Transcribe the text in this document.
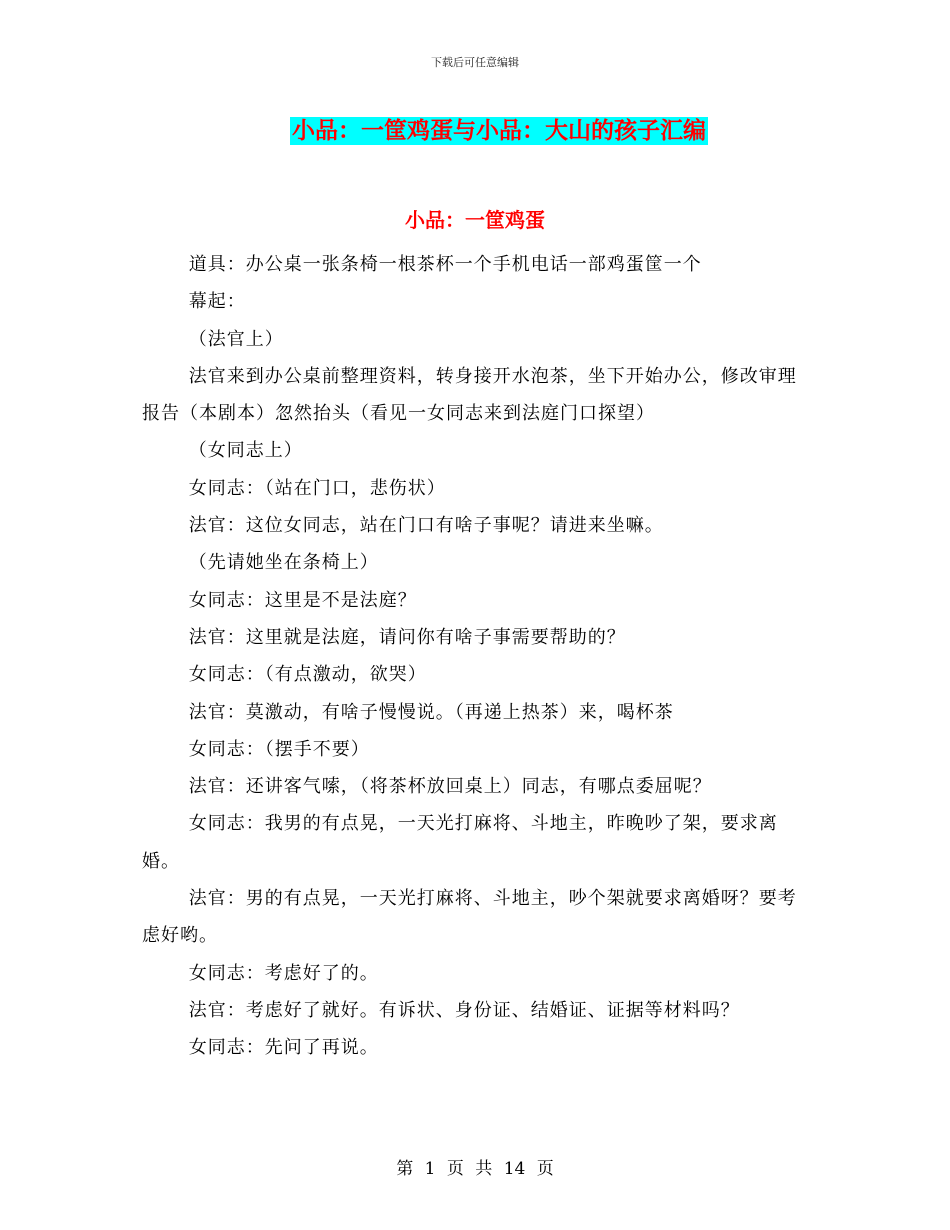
下载后可任意编辑
小品：一筐鸡蛋与小品：大山的孩子汇编
小品：一筐鸡蛋

道具：办公桌一张条椅一根茶杯一个手机电话一部鸡蛋筐一个

幕起：

（法官上）

法官来到办公桌前整理资料，转身接开水泡茶，坐下开始办公，修改审理报告（本剧本）忽然抬头（看见一女同志来到法庭门口探望）

（女同志上）

女同志：（站在门口，悲伤状）

法官：这位女同志，站在门口有啥子事呢？请进来坐嘛。

（先请她坐在条椅上）

女同志：这里是不是法庭？

法官：这里就是法庭，请问你有啥子事需要帮助的？

女同志：（有点激动，欲哭）

法官：莫激动，有啥子慢慢说。（再递上热茶）来，喝杯茶

女同志：（摆手不要）

法官：还讲客气嗦，（将茶杯放回桌上）同志，有哪点委屈呢？

女同志：我男的有点晃，一天光打麻将、斗地主，昨晚吵了架，要求离婚。

法官：男的有点晃，一天光打麻将、斗地主，吵个架就要求离婚呀？要考虑好哟。

女同志：考虑好了的。

法官：考虑好了就好。有诉状、身份证、结婚证、证据等材料吗？

女同志：先问了再说。

第 1 页 共 14 页
